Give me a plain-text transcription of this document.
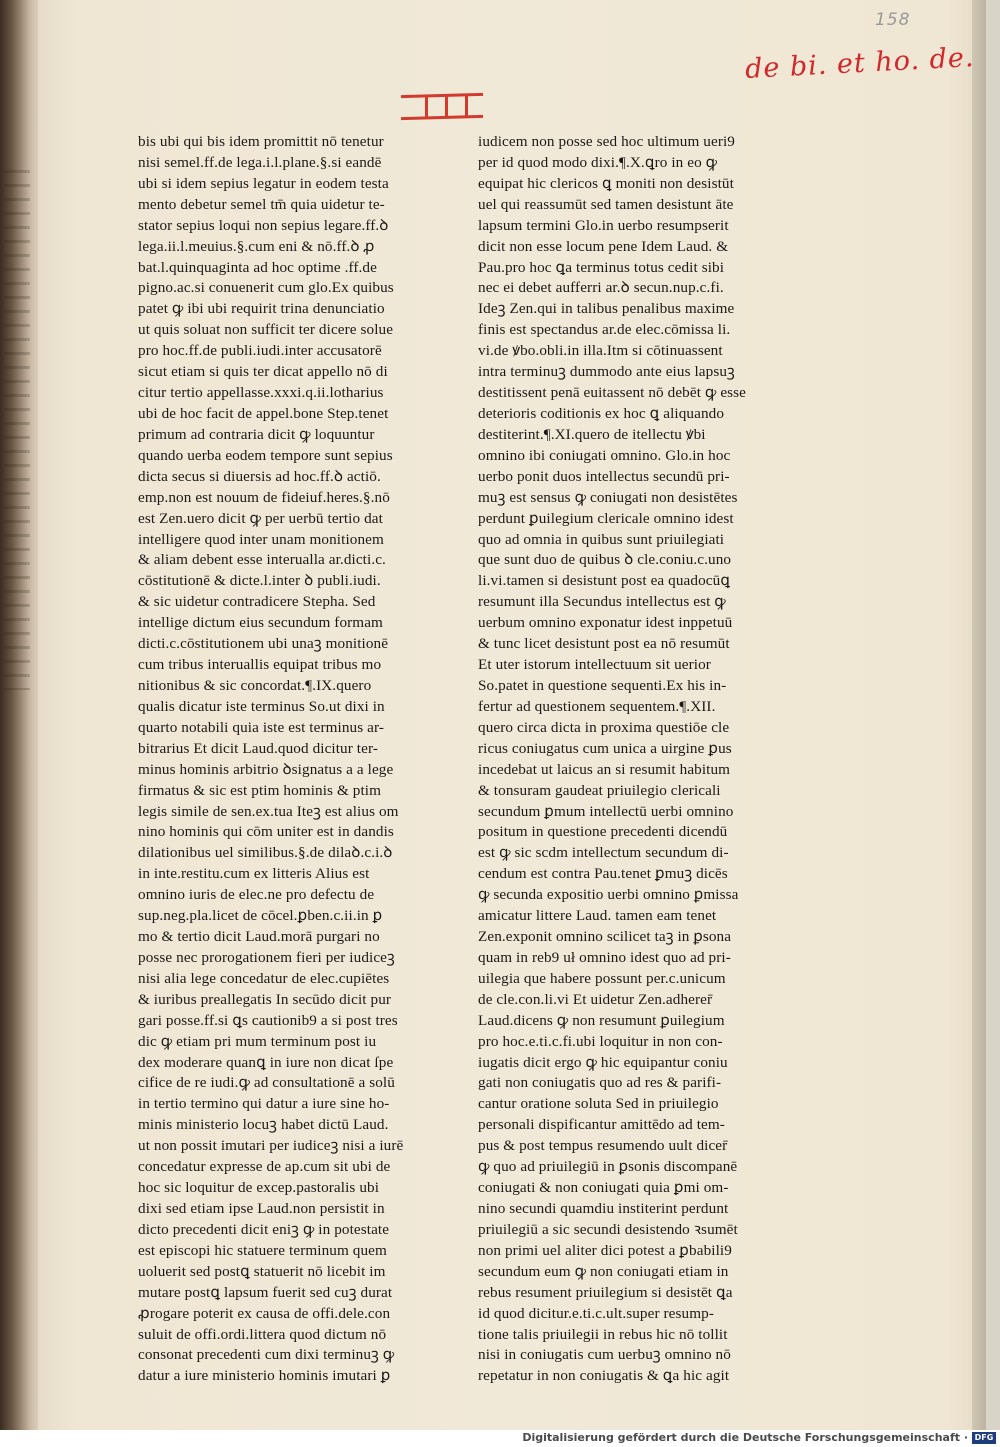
158
de bi. et ho. de.
bis ubi qui bis idem promittit nō tenetur
nisi semel.ff.de lega.i.l.plane.§.si eandē
ubi si idem sepius legatur in eodem testa
mento debetur semel tm̄ quia uidetur te-
stator sepius loqui non sepius legare.ff.ꝺ
lega.ii.l.meuius.§.cum eni & nō.ff.ꝺ ꝓ
bat.l.quinquaginta ad hoc optime .ff.de
pigno.ac.si conuenerit cum glo.Ex quibus
patet ꝙ ibi ubi requirit trina denunciatio
ut quis soluat non sufficit ter dicere solue
pro hoc.ff.de publi.iudi.inter accusatorē
sicut etiam si quis ter dicat appello nō di
citur tertio appellasse.xxxi.q.ii.lotharius
ubi de hoc facit de appel.bone Step.tenet
primum ad contraria dicit ꝙ loquuntur
quando uerba eodem tempore sunt sepius
dicta secus si diuersis ad hoc.ff.ꝺ actiō.
emp.non est nouum de fideiuf.heres.§.nō
est Zen.uero dicit ꝙ per uerbū tertio dat
intelligere quod inter unam monitionem
& aliam debent esse interualla ar.dicti.c.
cōstitutionē & dicte.l.inter ꝺ publi.iudi.
& sic uidetur contradicere Stepha. Sed
intellige dictum eius secundum formam
dicti.c.cōstitutionem ubi unaꝫ monitionē
cum tribus interuallis equipat tribus mo
nitionibus & sic concordat.¶.IX.quero
qualis dicatur iste terminus So.ut dixi in
quarto notabili quia iste est terminus ar-
bitrarius Et dicit Laud.quod dicitur ter-
minus hominis arbitrio ꝺsignatus a a lege
firmatus & sic est ptim hominis & ptim
legis simile de sen.ex.tua Iteꝫ est alius om
nino hominis qui cōm uniter est in dandis
dilationibus uel similibus.§.de dilaꝺ.c.i.ꝺ
in inte.restitu.cum ex litteris Alius est
omnino iuris de elec.ne pro defectu de
sup.neg.pla.licet de cōcel.ꝑben.c.ii.in ꝑ
mo & tertio dicit Laud.morā purgari no
posse nec prorogationem fieri per iudiceꝫ
nisi alia lege concedatur de elec.cupiētes
& iuribus preallegatis In secūdo dicit pur
gari posse.ff.si ꝗs cautionib9 a si post tres
dic ꝙ etiam pri mum terminum post iu
dex moderare quanꝗ in iure non dicat ſpe
cifice de re iudi.ꝙ ad consultationē a solū
in tertio termino qui datur a iure sine ho-
minis ministerio locuꝫ habet dictū Laud.
ut non possit imutari per iudiceꝫ nisi a iurē
concedatur expresse de ap.cum sit ubi de
hoc sic loquitur de excep.pastoralis ubi
dixi sed etiam ipse Laud.non persistit in
dicto precedenti dicit eniꝫ ꝙ in potestate
est episcopi hic statuere terminum quem
uoluerit sed postꝗ statuerit nō licebit im
mutare postꝗ lapsum fuerit sed cuꝫ durat
ꝓrogare poterit ex causa de offi.dele.con
suluit de offi.ordi.littera quod dictum nō
consonat precedenti cum dixi terminuꝫ ꝙ
datur a iure ministerio hominis imutari ꝑ
iudicem non posse sed hoc ultimum ueri9
per id quod modo dixi.¶.X.ꝗro in eo ꝙ
equipat hic clericos ꝗ moniti non desistūt
uel qui reassumūt sed tamen desistunt āte
lapsum termini Glo.in uerbo resumpserit
dicit non esse locum pene Idem Laud. &
Pau.pro hoc ꝗa terminus totus cedit sibi
nec ei debet aufferri ar.ꝺ secun.nup.c.fi.
Ideꝫ Zen.qui in talibus penalibus maxime
finis est spectandus ar.de elec.cōmissa li.
vi.de ꝟbo.obli.in illa.Itm si cōtinuassent
intra terminuꝫ dummodo ante eius lapsuꝫ
destitissent penā euitassent nō debēt ꝙ esse
deterioris coditionis ex hoc ꝗ aliquando
destiterint.¶.XI.quero de itellectu ꝟbi
omnino ibi coniugati omnino. Glo.in hoc
uerbo ponit duos intellectus secundū pri-
muꝫ est sensus ꝙ coniugati non desistētes
perdunt ꝑuilegium clericale omnino idest
quo ad omnia in quibus sunt priuilegiati
que sunt duo de quibus ꝺ cle.coniu.c.uno
li.vi.tamen si desistunt post ea quadocūꝗ
resumunt illa Secundus intellectus est ꝙ
uerbum omnino exponatur idest inppetuū
& tunc licet desistunt post ea nō resumūt
Et uter istorum intellectuum sit uerior
So.patet in questione sequenti.Ex his in-
fertur ad questionem sequentem.¶.XII.
quero circa dicta in proxima questiōe cle
ricus coniugatus cum unica a uirgine ꝑus
incedebat ut laicus an si resumit habitum
& tonsuram gaudeat priuilegio clericali
secundum ꝑmum intellectū uerbi omnino
positum in questione precedenti dicendū
est ꝙ sic scdm intellectum secundum di-
cendum est contra Pau.tenet ꝑmuꝫ dicēs
ꝙ secunda expositio uerbi omnino ꝑmissa
amicatur littere Laud. tamen eam tenet
Zen.exponit omnino scilicet taꝫ in ꝑsona
quam in reb9 uł omnino idest quo ad pri-
uilegia que habere possunt per.c.unicum
de cle.con.li.vi Et uidetur Zen.adherer̄
Laud.dicens ꝙ non resumunt ꝑuilegium
pro hoc.e.ti.c.fi.ubi loquitur in non con-
iugatis dicit ergo ꝙ hic equipantur coniu
gati non coniugatis quo ad res & parifi-
cantur oratione soluta Sed in priuilegio
personali dispificantur amittēdo ad tem-
pus & post tempus resumendo uult dicer̄
ꝙ quo ad priuilegiū in ꝑsonis discompanē
coniugati & non coniugati quia ꝑmi om-
nino secundi quamdiu institerint perdunt
priuilegiū a sic secundi desistendo ꝛsumēt
non primi uel aliter dici potest a ꝑbabili9
secundum eum ꝙ non coniugati etiam in
rebus resument priuilegium si desistēt ꝗa
id quod dicitur.e.ti.c.ult.super resump-
tione talis priuilegii in rebus hic nō tollit
nisi in coniugatis cum uerbuꝫ omnino nō
repetatur in non coniugatis & ꝗa hic agit
Digitalisierung gefördert durch die Deutsche Forschungsgemeinschaft · DFG
